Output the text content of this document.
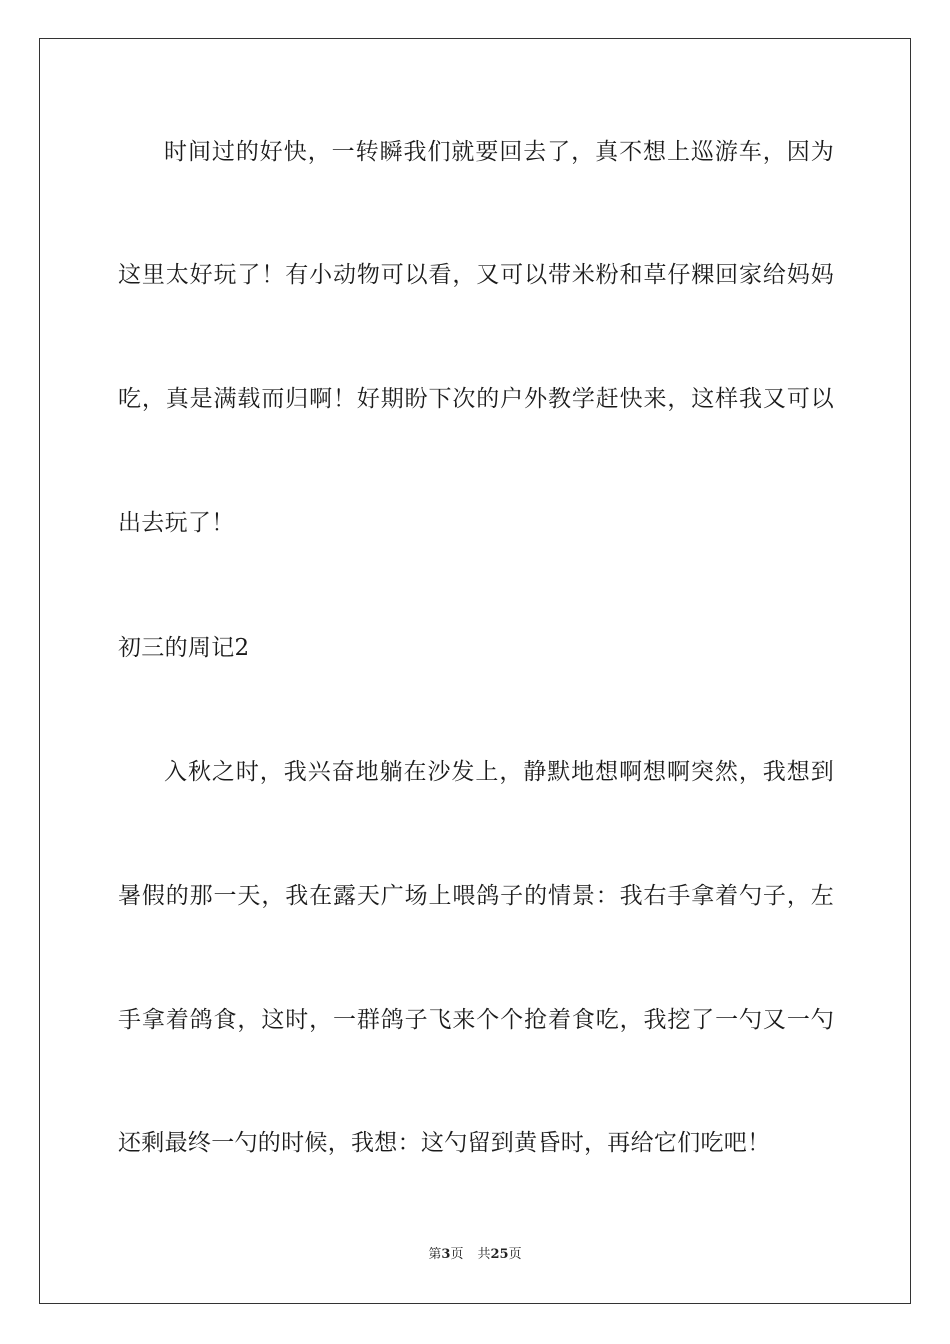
时间过的好快，一转瞬我们就要回去了，真不想上巡游车，因为
这里太好玩了！有小动物可以看，又可以带米粉和草仔粿回家给妈妈
吃，真是满载而归啊！好期盼下次的户外教学赶快来，这样我又可以
出去玩了！
初三的周记2
入秋之时，我兴奋地躺在沙发上，静默地想啊想啊突然，我想到
暑假的那一天，我在露天广场上喂鸽子的情景：我右手拿着勺子，左
手拿着鸽食，这时，一群鸽子飞来个个抢着食吃，我挖了一勺又一勺
还剩最终一勺的时候，我想：这勺留到黄昏时，再给它们吃吧！
第3页 共25页
